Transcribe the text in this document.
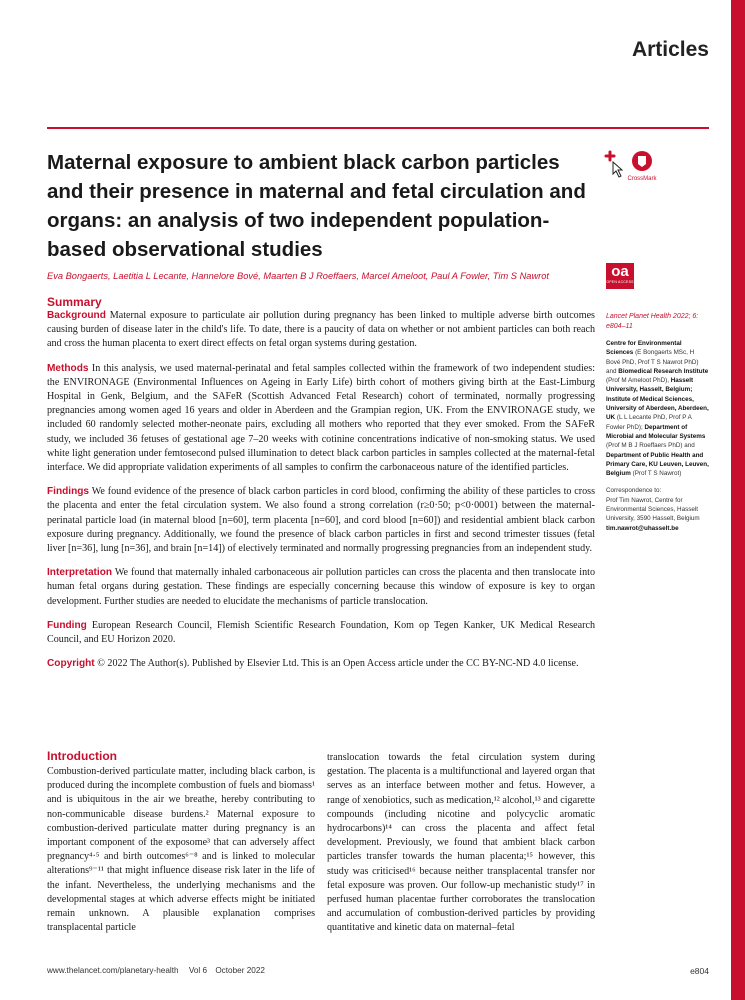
Articles
Maternal exposure to ambient black carbon particles and their presence in maternal and fetal circulation and organs: an analysis of two independent population-based observational studies
CrossMark
Eva Bongaerts, Laetitia L Lecante, Hannelore Bové, Maarten B J Roeffaers, Marcel Ameloot, Paul A Fowler, Tim S Nawrot	oa
OPEN ACCESS
Summary

Background Maternal exposure to particulate air pollution during pregnancy has been linked to multiple adverse birth outcomes causing burden of disease later in the child's life. To date, there is a paucity of data on whether or not ambient particles can both reach and cross the human placenta to exert direct effects on fetal organ systems during gestation.

Methods In this analysis, we used maternal-perinatal and fetal samples collected within the framework of two independent studies: the ENVIRONAGE (Environmental Influences on Ageing in Early Life) birth cohort of mothers giving birth at the East-Limburg Hospital in Genk, Belgium, and the SAFeR (Scottish Advanced Fetal Research) cohort of terminated, normally progressing pregnancies among women aged 16 years and older in Aberdeen and the Grampian region, UK. From the ENVIRONAGE study, we included 60 randomly selected mother-neonate pairs, excluding all mothers who reported that they ever smoked. From the SAFeR study, we included 36 fetuses of gestational age 7–20 weeks with cotinine concentrations indicative of non-smoking status. We used white light generation under femtosecond pulsed illumination to detect black carbon particles in samples collected at the maternal-fetal interface. We did appropriate validation experiments of all samples to confirm the carbonaceous nature of the identified particles.

Findings We found evidence of the presence of black carbon particles in cord blood, confirming the ability of these particles to cross the placenta and enter the fetal circulation system. We also found a strong correlation (r≥0·50; p<0·0001) between the maternal-perinatal particle load (in maternal blood [n=60], term placenta [n=60], and cord blood [n=60]) and residential ambient black carbon exposure during pregnancy. Additionally, we found the presence of black carbon particles in first and second trimester tissues (fetal liver [n=36], lung [n=36], and brain [n=14]) of electively terminated and normally progressing pregnancies from an independent study.

Interpretation We found that maternally inhaled carbonaceous air pollution particles can cross the placenta and then translocate into human fetal organs during gestation. These findings are especially concerning because this window of exposure is key to organ development. Further studies are needed to elucidate the mechanisms of particle translocation.

Funding European Research Council, Flemish Scientific Research Foundation, Kom op Tegen Kanker, UK Medical Research Council, and EU Horizon 2020.

Copyright © 2022 The Author(s). Published by Elsevier Ltd. This is an Open Access article under the CC BY-NC-ND 4.0 license.

Lancet Planet Health 2022; 6: e804–11
Centre for Environmental Sciences (E Bongaerts MSc, H Bové PhD, Prof T S Nawrot PhD) and Biomedical Research Institute (Prof M Ameloot PhD), Hasselt University, Hasselt, Belgium; Institute of Medical Sciences, University of Aberdeen, Aberdeen, UK (L L Lecante PhD, Prof P A Fowler PhD); Department of Microbial and Molecular Systems (Prof M B J Roeffaers PhD) and Department of Public Health and Primary Care, KU Leuven, Leuven, Belgium (Prof T S Nawrot)
Correspondence to:
Prof Tim Nawrot, Centre for Environmental Sciences, Hasselt University, 3590 Hasselt, Belgium
tim.nawrot@uhasselt.be
Introduction
Combustion-derived particulate matter, including black carbon, is produced during the incomplete combustion of fuels and biomass¹ and is ubiquitous in the air we breathe, hereby contributing to non-communicable disease burdens.² Maternal exposure to combustion-derived particulate matter during pregnancy is an important component of the exposome³ that can adversely affect pregnancy⁴·⁵ and birth outcomes⁶⁻⁸ and is linked to molecular alterations⁹⁻¹¹ that might influence disease risk later in the life of the infant. Nevertheless, the underlying mechanisms and the developmental stages at which adverse effects might be initiated remain unknown. A plausible explanation comprises transplacental particle
translocation towards the fetal circulation system during gestation. The placenta is a multifunctional and layered organ that serves as an interface between mother and fetus. However, a range of xenobiotics, such as medication,¹² alcohol,¹³ and cigarette compounds (including nicotine and polycyclic aromatic hydrocarbons)¹⁴ can cross the placenta and affect fetal development. Previously, we found that ambient black carbon particles transfer towards the human placenta;¹⁵ however, this study was criticised¹⁶ because neither transplacental transfer nor fetal exposure was proven. Our follow-up mechanistic study¹⁷ in perfused human placentae further corroborates the translocation and accumulation of combustion-derived particles by providing quantitative and kinetic data on maternal–fetal
www.thelancet.com/planetary-health Vol 6 October 2022	e804
